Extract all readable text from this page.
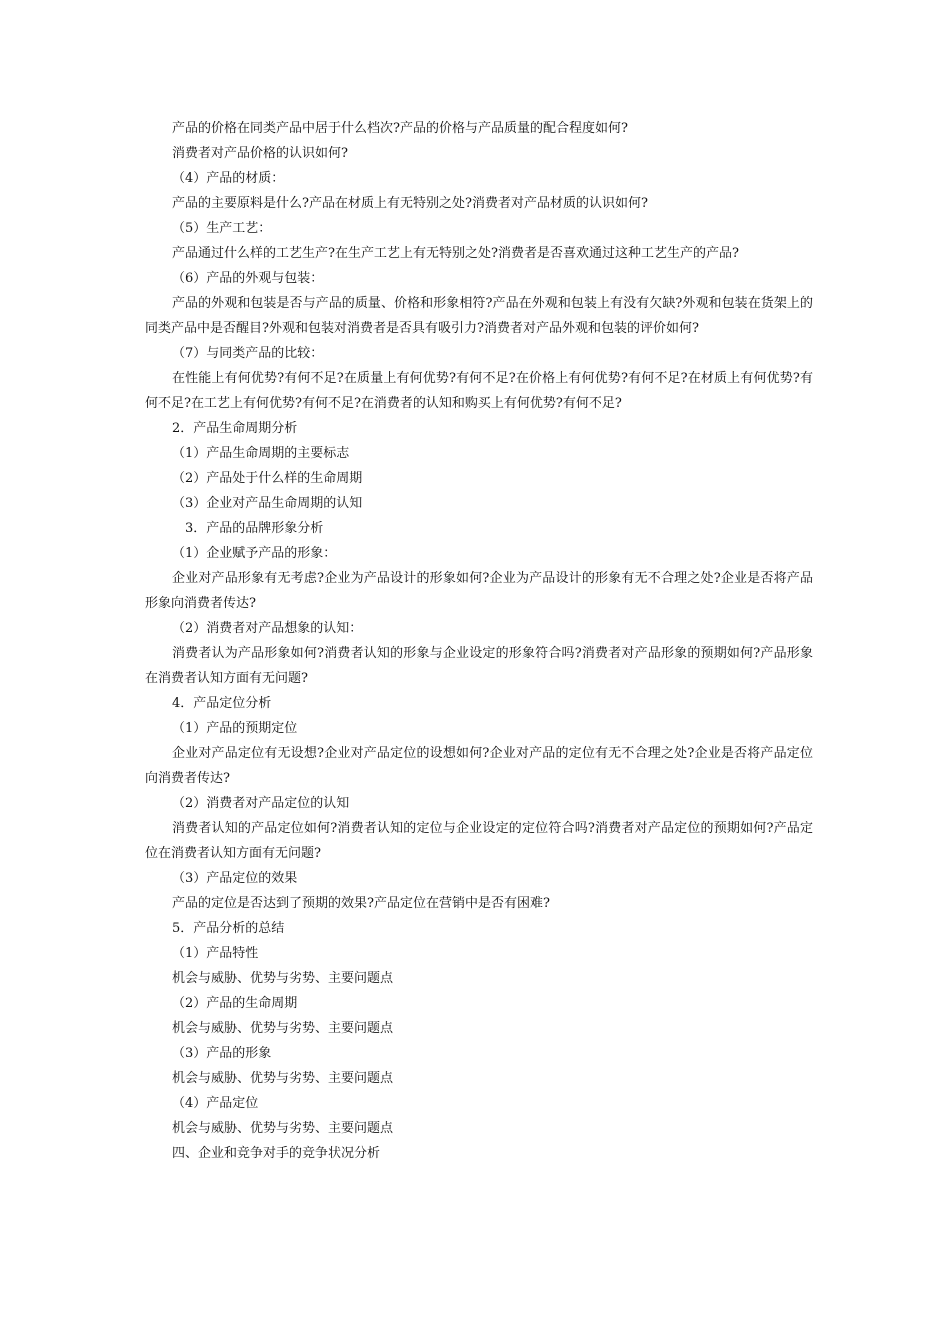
产品的价格在同类产品中居于什么档次?产品的价格与产品质量的配合程度如何?

消费者对产品价格的认识如何?

（4）产品的材质：

产品的主要原料是什么?产品在材质上有无特别之处?消费者对产品材质的认识如何?

（5）生产工艺：

产品通过什么样的工艺生产?在生产工艺上有无特别之处?消费者是否喜欢通过这种工艺生产的产品?

（6）产品的外观与包装：

产品的外观和包装是否与产品的质量、价格和形象相符?产品在外观和包装上有没有欠缺?外观和包装在货架上的同类产品中是否醒目?外观和包装对消费者是否具有吸引力?消费者对产品外观和包装的评价如何?

（7）与同类产品的比较：

在性能上有何优势?有何不足?在质量上有何优势?有何不足?在价格上有何优势?有何不足?在材质上有何优势?有何不足?在工艺上有何优势?有何不足?在消费者的认知和购买上有何优势?有何不足?

2．产品生命周期分析

（1）产品生命周期的主要标志

（2）产品处于什么样的生命周期

（3）企业对产品生命周期的认知

3．产品的品牌形象分析

（1）企业赋予产品的形象：

企业对产品形象有无考虑?企业为产品设计的形象如何?企业为产品设计的形象有无不合理之处?企业是否将产品形象向消费者传达?

（2）消费者对产品想象的认知：

消费者认为产品形象如何?消费者认知的形象与企业设定的形象符合吗?消费者对产品形象的预期如何?产品形象在消费者认知方面有无问题?

4．产品定位分析

（1）产品的预期定位

企业对产品定位有无设想?企业对产品定位的设想如何?企业对产品的定位有无不合理之处?企业是否将产品定位向消费者传达?

（2）消费者对产品定位的认知

消费者认知的产品定位如何?消费者认知的定位与企业设定的定位符合吗?消费者对产品定位的预期如何?产品定位在消费者认知方面有无问题?

（3）产品定位的效果

产品的定位是否达到了预期的效果?产品定位在营销中是否有困难?

5．产品分析的总结

（1）产品特性

机会与威胁、优势与劣势、主要问题点

（2）产品的生命周期

机会与威胁、优势与劣势、主要问题点

（3）产品的形象

机会与威胁、优势与劣势、主要问题点

（4）产品定位

机会与威胁、优势与劣势、主要问题点

四、企业和竞争对手的竞争状况分析
